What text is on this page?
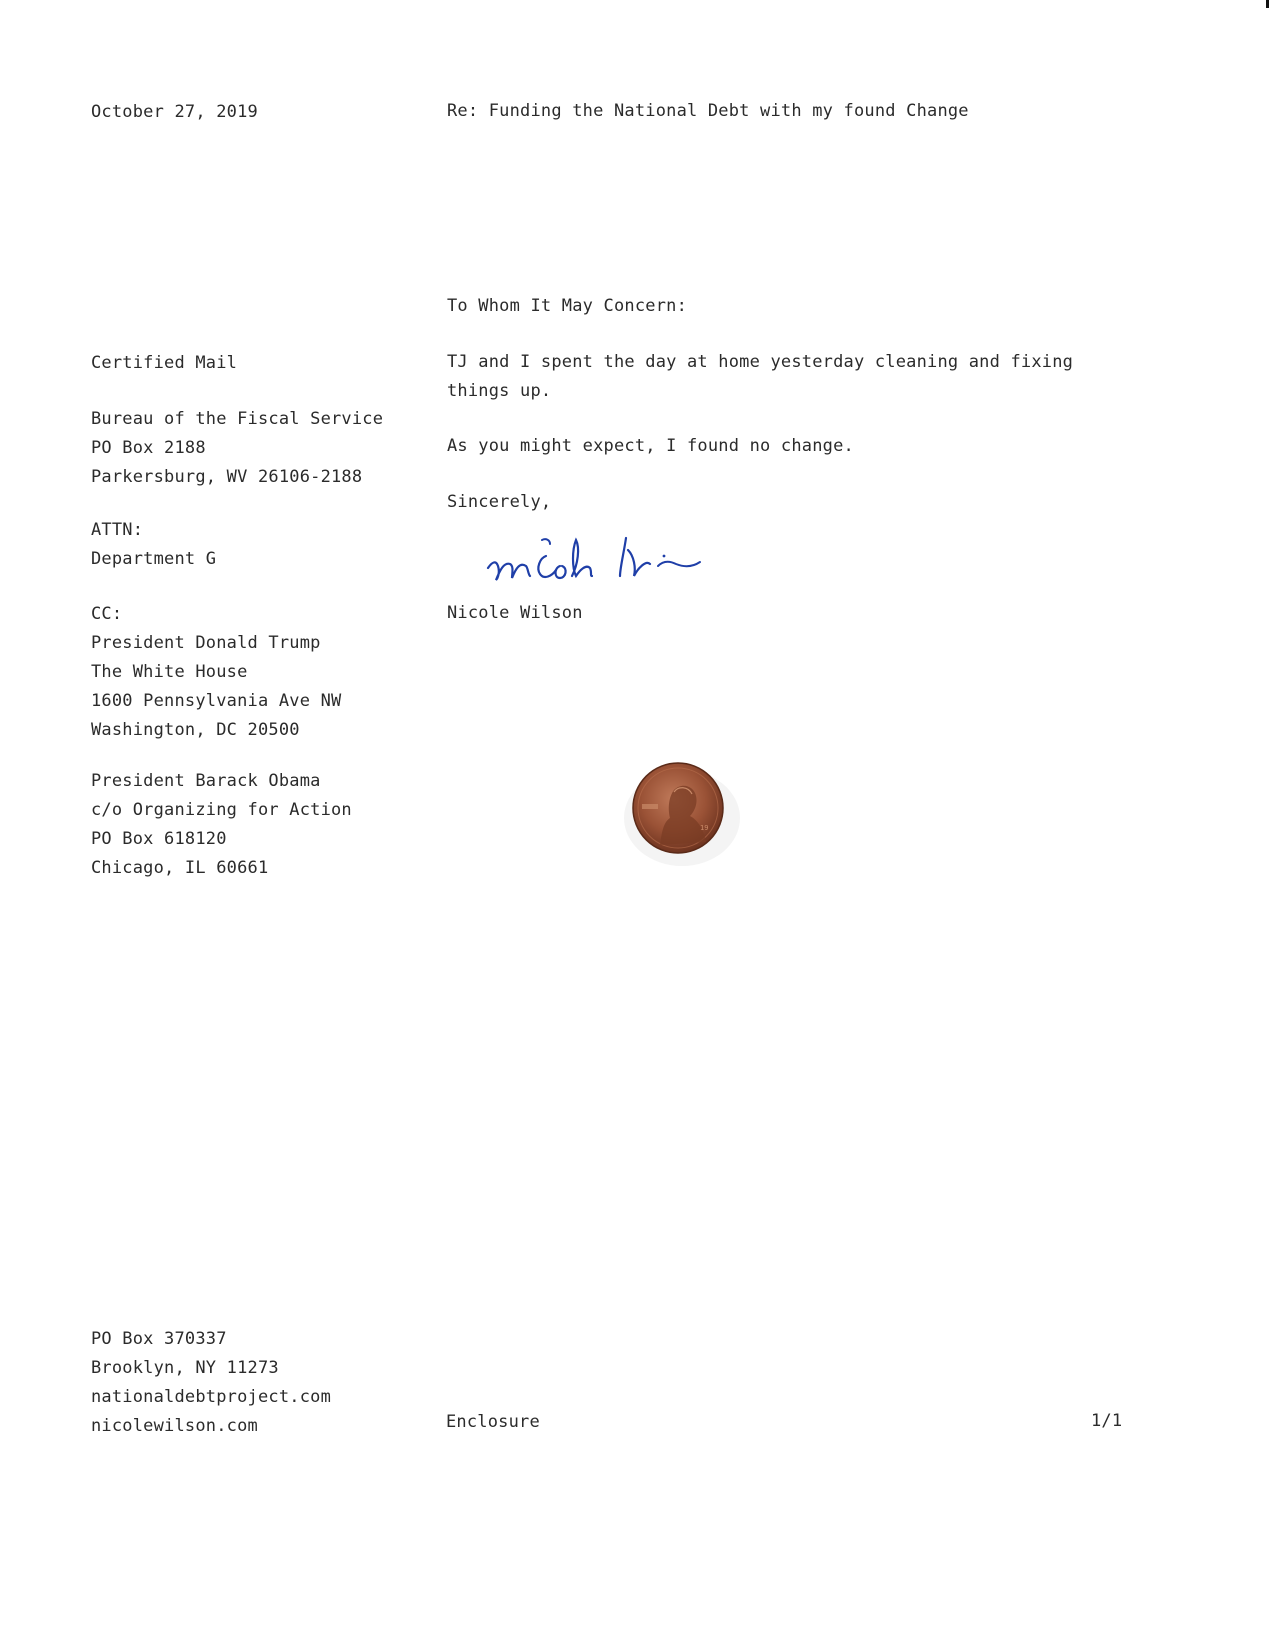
October 27, 2019	Re: Funding the National Debt with my found Change
To Whom It May Concern:
TJ and I spent the day at home yesterday cleaning and fixing things up.
As you might expect, I found no change.
Sincerely,
Nicole Wilson
Certified Mail
Bureau of the Fiscal Service
PO Box 2188
Parkersburg, WV 26106-2188
ATTN:
Department G
CC:
President Donald Trump
The White House
1600 Pennsylvania Ave NW
Washington, DC 20500
President Barack Obama
c/o Organizing for Action
PO Box 618120
Chicago, IL 60661
19
PO Box 370337
Brooklyn, NY 11273
nationaldebtproject.com
nicolewilson.com	Enclosure	1/1
